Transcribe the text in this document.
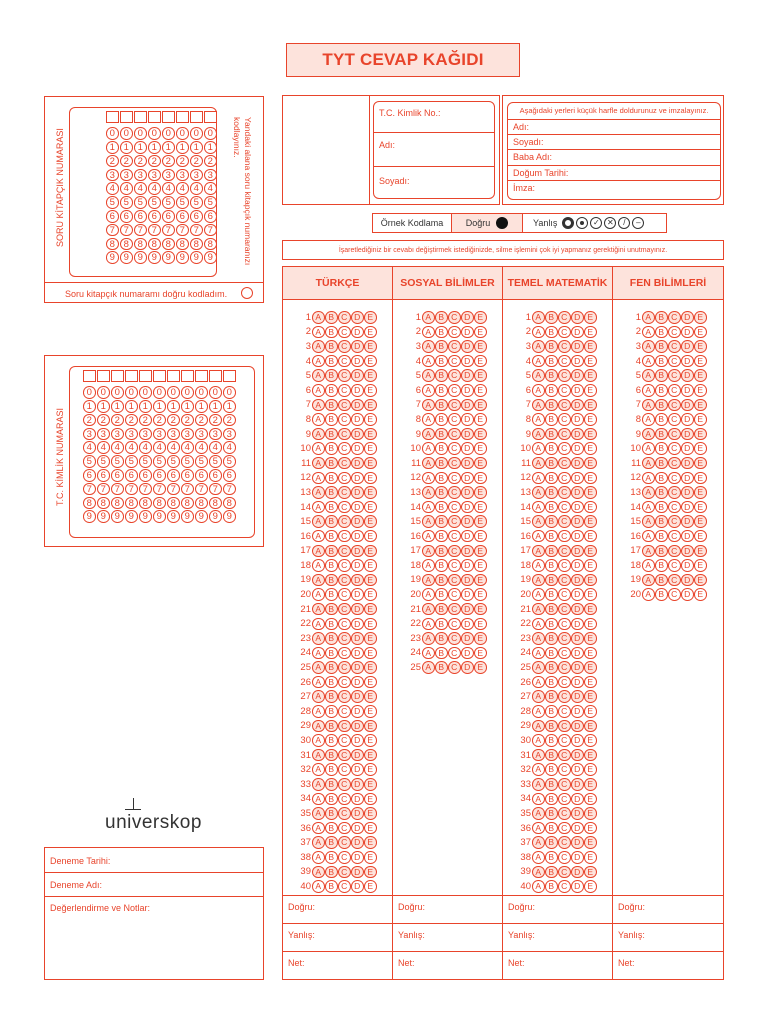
TYT CEVAP KAĞIDI
0
1
2
3
4
5
6
7
8
9
0
1
2
3
4
5
6
7
8
9
0
1
2
3
4
5
6
7
8
9
0
1
2
3
4
5
6
7
8
9
0
1
2
3
4
5
6
7
8
9
0
1
2
3
4
5
6
7
8
9
0
1
2
3
4
5
6
7
8
9
0
1
2
3
4
5
6
7
8
9
SORU KİTAPÇIK NUMARASI	Yandaki alana soru kitapçık numaranızı kodlayınız.
Soru kitapçık numaramı doğru kodladım.
0
1
2
3
4
5
6
7
8
9
0
1
2
3
4
5
6
7
8
9
0
1
2
3
4
5
6
7
8
9
0
1
2
3
4
5
6
7
8
9
0
1
2
3
4
5
6
7
8
9
0
1
2
3
4
5
6
7
8
9
0
1
2
3
4
5
6
7
8
9
0
1
2
3
4
5
6
7
8
9
0
1
2
3
4
5
6
7
8
9
0
1
2
3
4
5
6
7
8
9
0
1
2
3
4
5
6
7
8
9
T.C. KİMLİK NUMARASI
T.C. Kimlik No.:
Adı:
Soyadı:
Aşağıdaki yerleri küçük harfle doldurunuz ve imzalayınız.
Adı:
Soyadı:
Baba Adı:
Doğum Tarihi:
İmza:
Örnek Kodlama	Doğru	Yanlış	✓ ✕	/	–
İşaretlediğiniz bir cevabı değiştirmek istediğinizde, silme işlemini çok iyi yapmanız gerektiğini unutmayınız.
TÜRKÇE
1 A B C D E
2 A B C D E
3 A B C D E
4 A B C D E
5 A B C D E
6 A B C D E
7 A B C D E
8 A B C D E
9 A B C D E
10 A B C D E
11 A B C D E
12 A B C D E
13 A B C D E
14 A B C D E
15 A B C D E
16 A B C D E
17 A B C D E
18 A B C D E
19 A B C D E
20 A B C D E
21 A B C D E
22 A B C D E
23 A B C D E
24 A B C D E
25 A B C D E
26 A B C D E
27 A B C D E
28 A B C D E
29 A B C D E
30 A B C D E
31 A B C D E
32 A B C D E
33 A B C D E
34 A B C D E
35 A B C D E
36 A B C D E
37 A B C D E
38 A B C D E
39 A B C D E
40 A B C D E
Doğru:
Yanlış:
Net:
SOSYAL BİLİMLER
1 A B C D E
2 A B C D E
3 A B C D E
4 A B C D E
5 A B C D E
6 A B C D E
7 A B C D E
8 A B C D E
9 A B C D E
10 A B C D E
11 A B C D E
12 A B C D E
13 A B C D E
14 A B C D E
15 A B C D E
16 A B C D E
17 A B C D E
18 A B C D E
19 A B C D E
20 A B C D E
21 A B C D E
22 A B C D E
23 A B C D E
24 A B C D E
25 A B C D E
Doğru:
Yanlış:
Net:
TEMEL MATEMATİK
1 A B C D E
2 A B C D E
3 A B C D E
4 A B C D E
5 A B C D E
6 A B C D E
7 A B C D E
8 A B C D E
9 A B C D E
10 A B C D E
11 A B C D E
12 A B C D E
13 A B C D E
14 A B C D E
15 A B C D E
16 A B C D E
17 A B C D E
18 A B C D E
19 A B C D E
20 A B C D E
21 A B C D E
22 A B C D E
23 A B C D E
24 A B C D E
25 A B C D E
26 A B C D E
27 A B C D E
28 A B C D E
29 A B C D E
30 A B C D E
31 A B C D E
32 A B C D E
33 A B C D E
34 A B C D E
35 A B C D E
36 A B C D E
37 A B C D E
38 A B C D E
39 A B C D E
40 A B C D E
Doğru:
Yanlış:
Net:
FEN BİLİMLERİ
1 A B C D E
2 A B C D E
3 A B C D E
4 A B C D E
5 A B C D E
6 A B C D E
7 A B C D E
8 A B C D E
9 A B C D E
10 A B C D E
11 A B C D E
12 A B C D E
13 A B C D E
14 A B C D E
15 A B C D E
16 A B C D E
17 A B C D E
18 A B C D E
19 A B C D E
20 A B C D E
Doğru:
Yanlış:
Net:
universkop
Deneme Tarihi:
Deneme Adı:
Değerlendirme ve Notlar:
